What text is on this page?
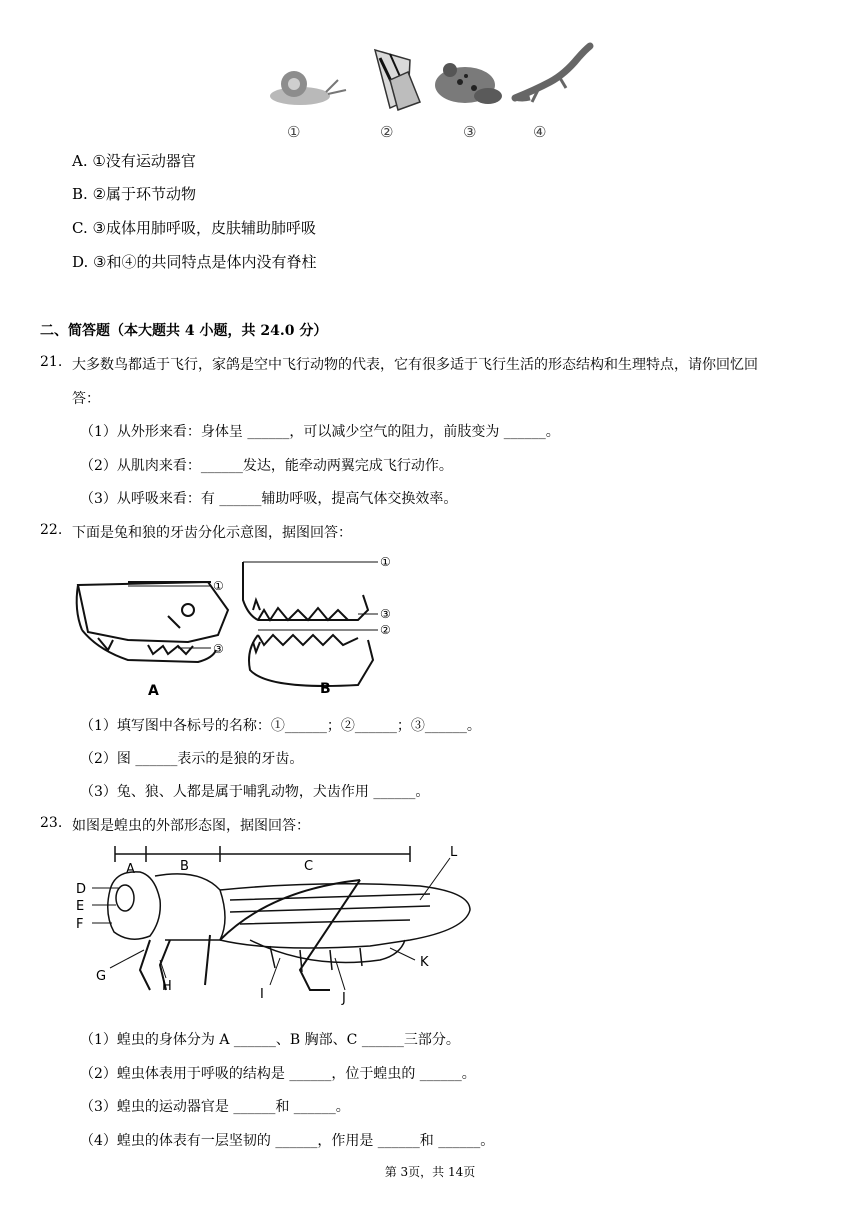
①	②	③	④
A. ①没有运动器官
B. ②属于环节动物
C. ③成体用肺呼吸，皮肤辅助肺呼吸
D. ③和④的共同特点是体内没有脊柱
二、简答题（本大题共 4 小题，共 24.0 分）
21. 大多数鸟都适于飞行，家鸽是空中飞行动物的代表，它有很多适于飞行生活的形态结构和生理特点，请你回忆回
答：
（1）从外形来看：身体呈 ______，可以减少空气的阻力，前肢变为 ______。
（2）从肌肉来看：______发达，能牵动两翼完成飞行动作。
（3）从呼吸来看：有 ______辅助呼吸，提高气体交换效率。
22. 下面是兔和狼的牙齿分化示意图，据图回答：
①
③
A
①
③
②
B
（1）填写图中各标号的名称：①______；②______；③______。
（2）图 ______表示的是狼的牙齿。
（3）兔、狼、人都是属于哺乳动物，犬齿作用 ______。
23. 如图是蝗虫的外部形态图，据图回答：
A	B	C
D
E
F
G
H
I	J
K
L
（1）蝗虫的身体分为 A ______、B 胸部、C ______三部分。
（2）蝗虫体表用于呼吸的结构是 ______，位于蝗虫的 ______。
（3）蝗虫的运动器官是 ______和 ______。
（4）蝗虫的体表有一层坚韧的 ______，作用是 ______和 ______。
第 3页，共 14页
